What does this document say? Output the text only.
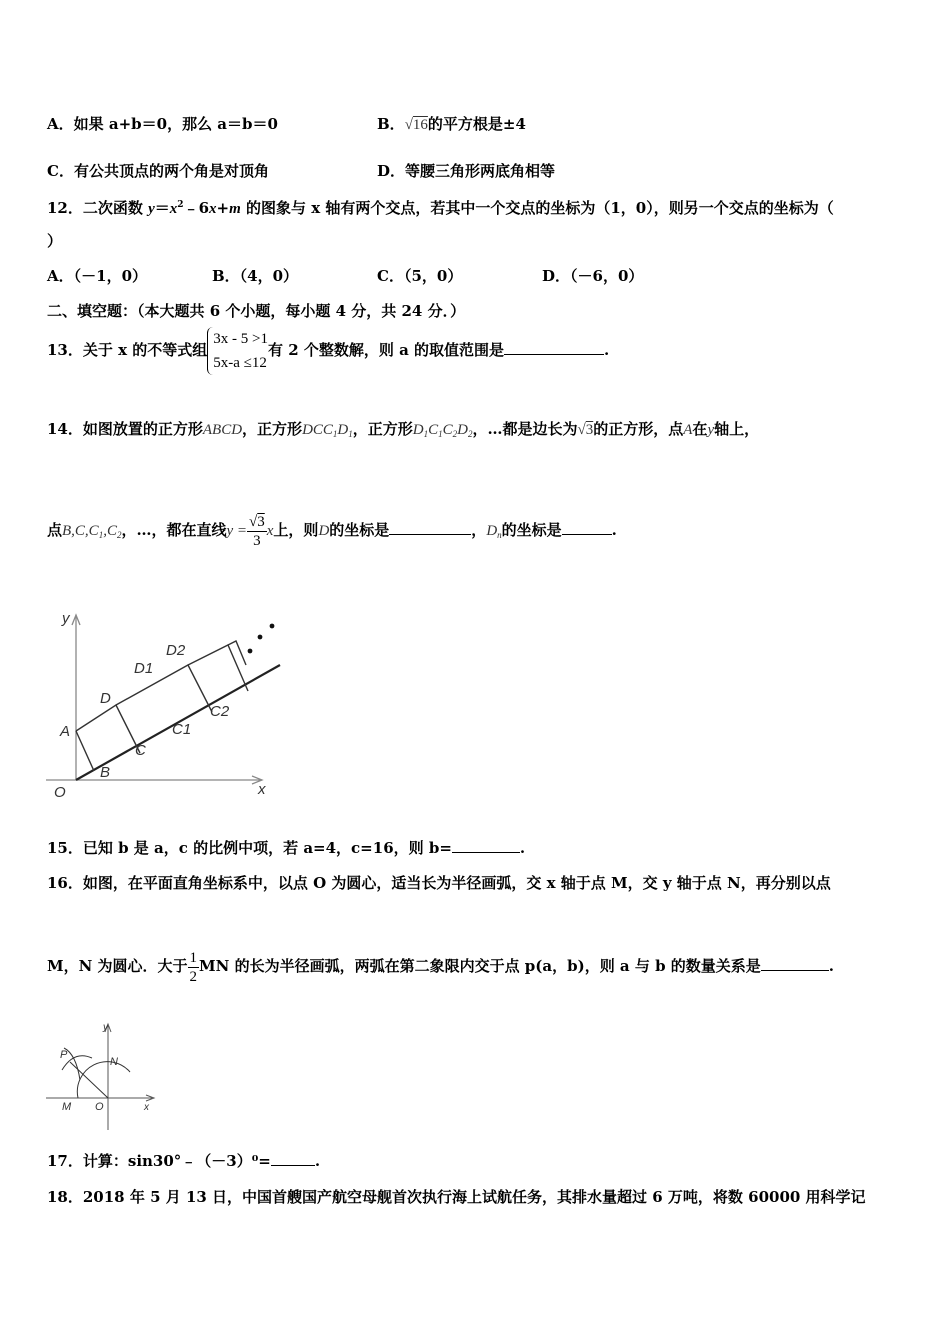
A．如果 a+b＝0，那么 a＝b＝0	B．√16的平方根是±4
C．有公共顶点的两个角是对顶角	D．等腰三角形两底角相等
12．二次函数 $y=x^2﹣6x+m$ 的图象与 x 轴有两个交点，若其中一个交点的坐标为（1，0），则另一个交点的坐标为（
）
A．（－1，0）	B．（4，0）	C．（5，0）	D．（－6，0）
二、填空题：（本大题共 6 个小题，每小题 4 分，共 24 分．）
13．关于 x 的不等式组
3x - 5 >1
5x-a ≤12
有 2 个整数解，则 a 的取值范围是	.
14．如图放置的正方形ABCD，正方形$DCC_1D_1$，正方形$D_1C_1C_2D_2$，…都是边长为√3的正方形，点A在y轴上，
点$B,C,C_1,C_2$，…，都在直线$y = \frac{√3}{3}$ x上，则D的坐标是	，$D_n$的坐标是	.
y
x
O
A
B
C
D
C1
D1
C2
D2
15．已知 b 是 a，c 的比例中项，若 a=4，c=16，则 b=	.
16．如图，在平面直角坐标系中，以点 O 为圆心，适当长为半径画弧，交 x 轴于点 M，交 y 轴于点 N，再分别以点
M，N 为圆心．大于 $\frac{1}{2}$ MN 的长为半径画弧，两弧在第二象限内交于点 p(a，b)，则 a 与 b 的数量关系是	.
y
x
P
N
M O
17．计算：sin30°﹣（－3）⁰=	.
18．2018 年 5 月 13 日，中国首艘国产航空母舰首次执行海上试航任务，其排水量超过 6 万吨，将数 60000 用科学记
